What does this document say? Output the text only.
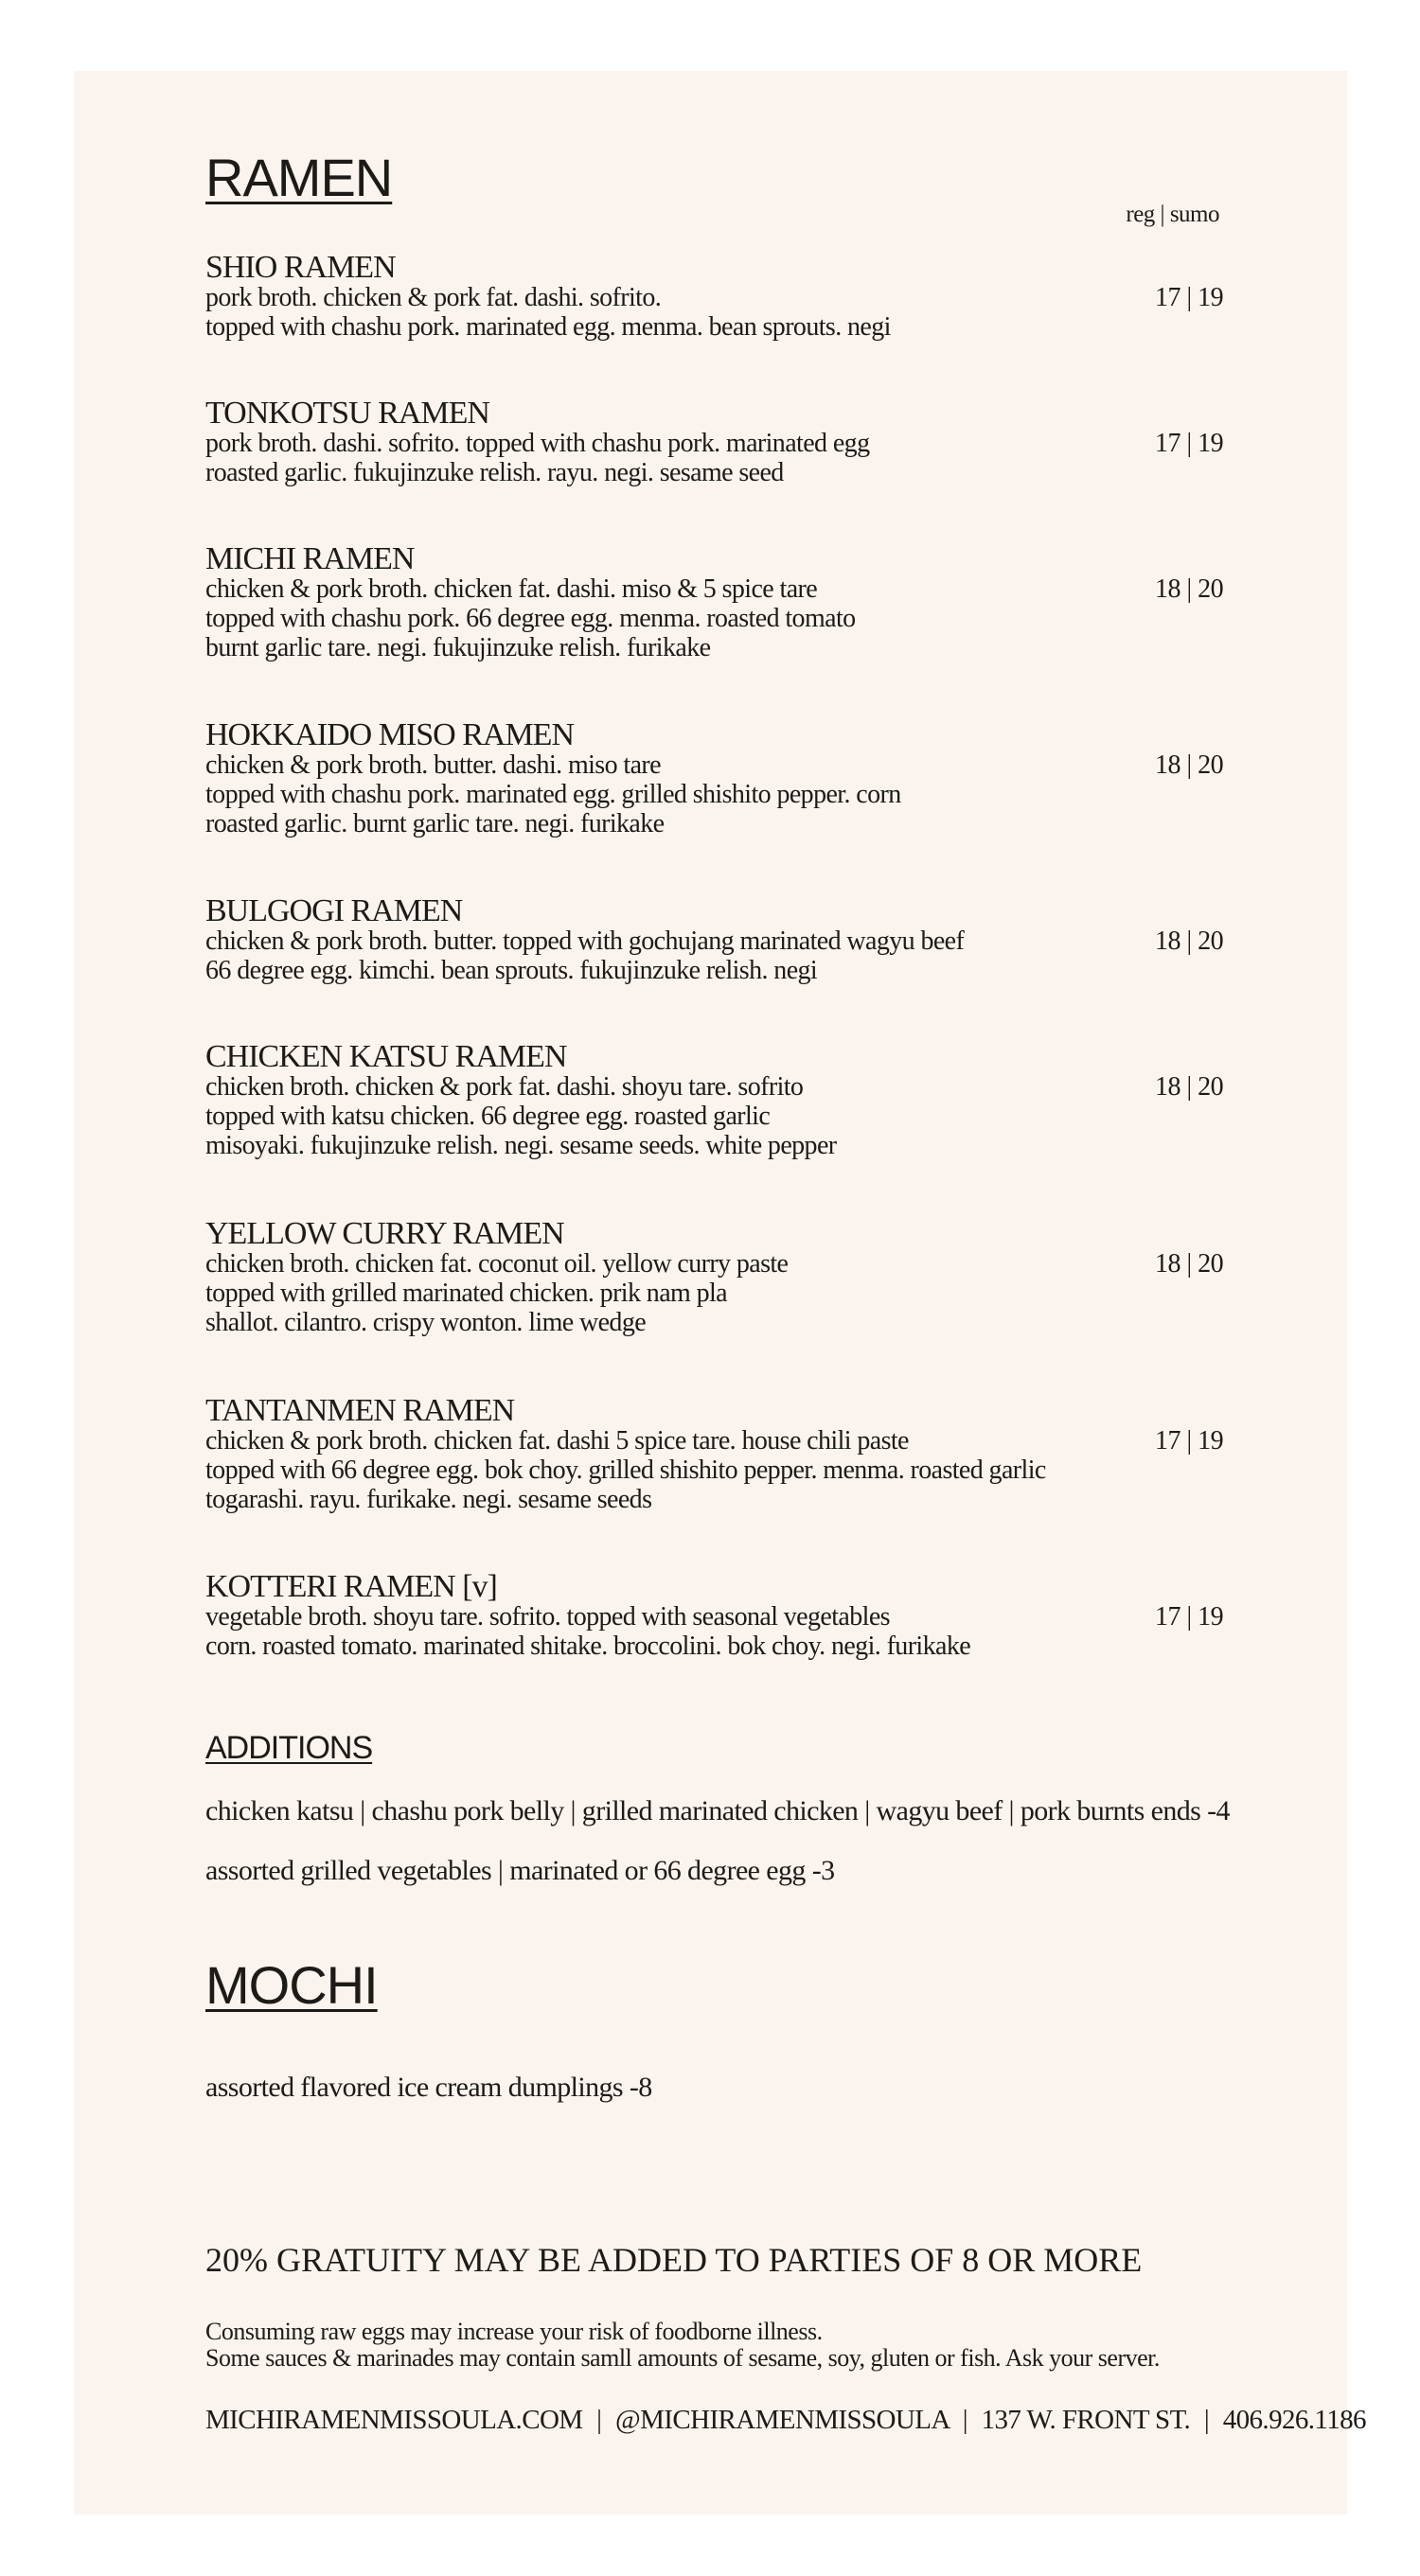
RAMEN
reg | sumo
SHIO RAMEN
pork broth. chicken & pork fat. dashi. sofrito.
topped with chashu pork. marinated egg. menma. bean sprouts. negi
17 | 19
TONKOTSU RAMEN
pork broth. dashi. sofrito. topped with chashu pork. marinated egg
roasted garlic. fukujinzuke relish. rayu. negi. sesame seed
17 | 19
MICHI RAMEN
chicken & pork broth. chicken fat. dashi. miso & 5 spice tare
topped with chashu pork. 66 degree egg. menma. roasted tomato
burnt garlic tare. negi. fukujinzuke relish. furikake
18 | 20
HOKKAIDO MISO RAMEN
chicken & pork broth. butter. dashi. miso tare
topped with chashu pork. marinated egg. grilled shishito pepper. corn
roasted garlic. burnt garlic tare. negi. furikake
18 | 20
BULGOGI RAMEN
chicken & pork broth. butter. topped with gochujang marinated wagyu beef
66 degree egg. kimchi. bean sprouts. fukujinzuke relish. negi
18 | 20
CHICKEN KATSU RAMEN
chicken broth. chicken & pork fat. dashi. shoyu tare. sofrito
topped with katsu chicken. 66 degree egg. roasted garlic
misoyaki. fukujinzuke relish. negi. sesame seeds. white pepper
18 | 20
YELLOW CURRY RAMEN
chicken broth. chicken fat. coconut oil. yellow curry paste
topped with grilled marinated chicken. prik nam pla
shallot. cilantro. crispy wonton. lime wedge
18 | 20
TANTANMEN RAMEN
chicken & pork broth. chicken fat. dashi 5 spice tare. house chili paste
topped with 66 degree egg. bok choy. grilled shishito pepper. menma. roasted garlic
togarashi. rayu. furikake. negi. sesame seeds
17 | 19
KOTTERI RAMEN [v]
vegetable broth. shoyu tare. sofrito. topped with seasonal vegetables
corn. roasted tomato. marinated shitake. broccolini. bok choy. negi. furikake
17 | 19
ADDITIONS
chicken katsu | chashu pork belly | grilled marinated chicken | wagyu beef | pork burnts ends -4
assorted grilled vegetables | marinated or 66 degree egg -3
MOCHI
assorted flavored ice cream dumplings -8
20% GRATUITY MAY BE ADDED TO PARTIES OF 8 OR MORE
Consuming raw eggs may increase your risk of foodborne illness.
Some sauces & marinades may contain samll amounts of sesame, soy, gluten or fish. Ask your server.
MICHIRAMENMISSOULA.COM | @MICHIRAMENMISSOULA | 137 W. FRONT ST. | 406.926.1186
